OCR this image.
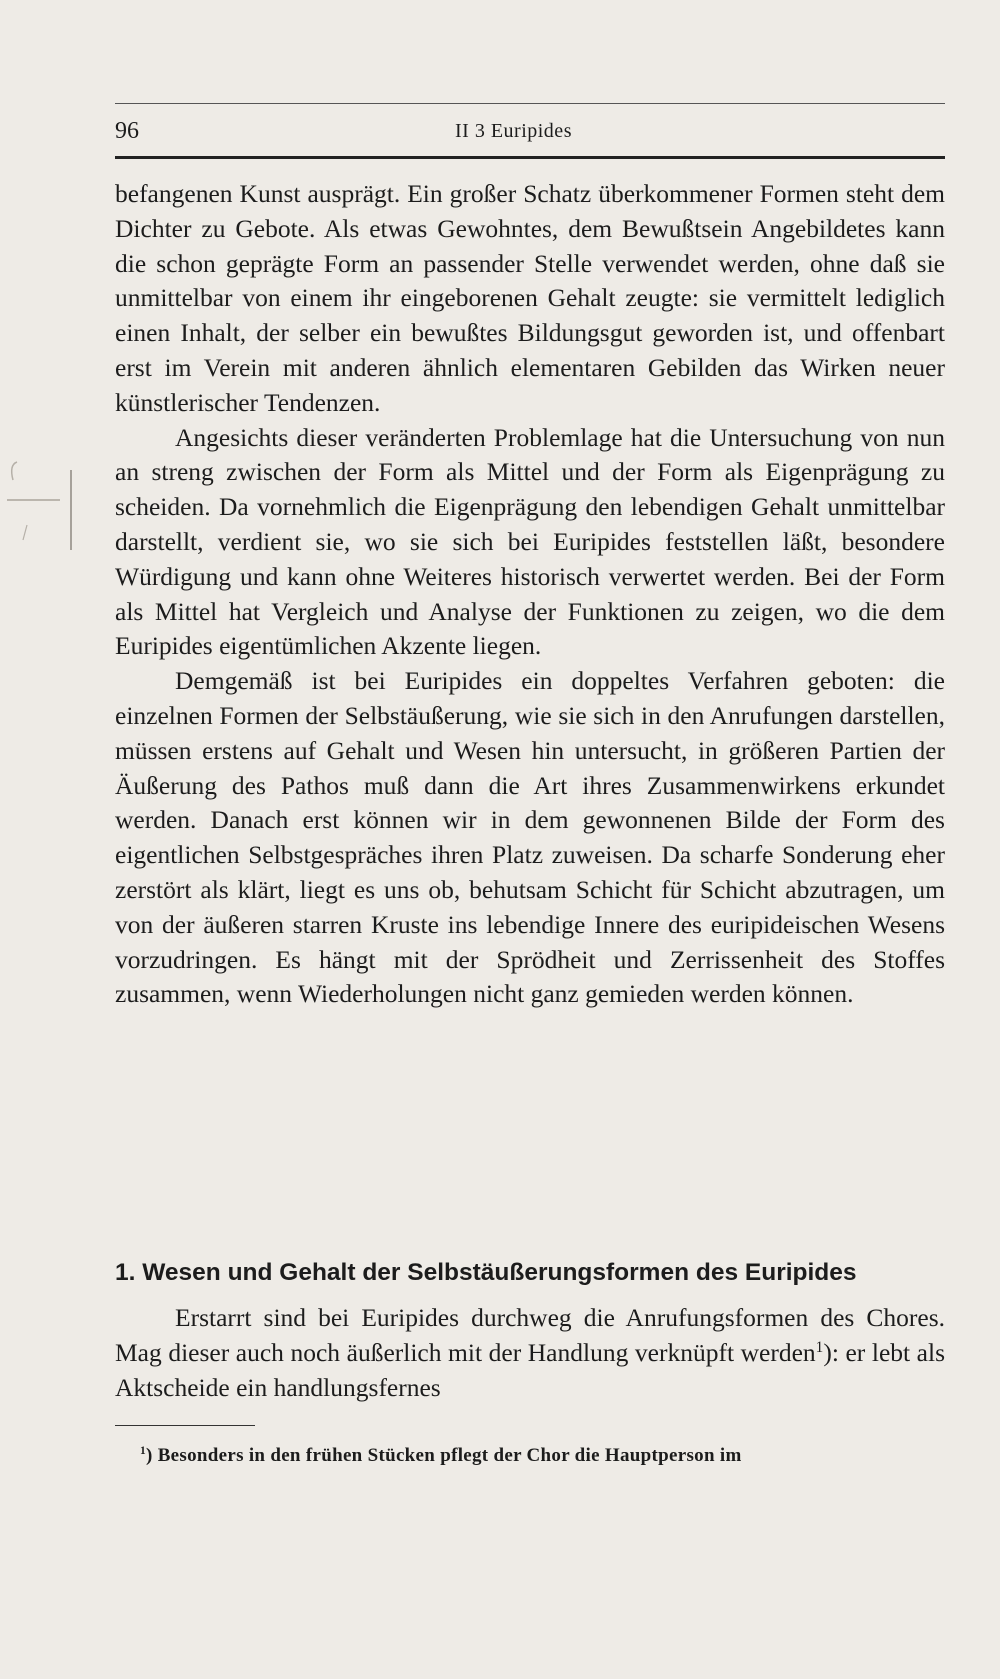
96	II 3 Euripides

befangenen Kunst ausprägt. Ein großer Schatz überkommener Formen steht dem Dichter zu Gebote. Als etwas Gewohntes, dem Bewußtsein Angebildetes kann die schon geprägte Form an passender Stelle verwendet werden, ohne daß sie unmittelbar von einem ihr eingeborenen Gehalt zeugte: sie vermittelt lediglich einen Inhalt, der selber ein bewußtes Bildungsgut geworden ist, und offenbart erst im Verein mit anderen ähnlich elementaren Gebilden das Wirken neuer künstlerischer Tendenzen.

Angesichts dieser veränderten Problemlage hat die Untersuchung von nun an streng zwischen der Form als Mittel und der Form als Eigenprägung zu scheiden. Da vornehmlich die Eigenprägung den lebendigen Gehalt unmittelbar darstellt, verdient sie, wo sie sich bei Euripides feststellen läßt, besondere Würdigung und kann ohne Weiteres historisch verwertet werden. Bei der Form als Mittel hat Vergleich und Analyse der Funktionen zu zeigen, wo die dem Euripides eigentümlichen Akzente liegen.

Demgemäß ist bei Euripides ein doppeltes Verfahren geboten: die einzelnen Formen der Selbstäußerung, wie sie sich in den Anrufungen darstellen, müssen erstens auf Gehalt und Wesen hin untersucht, in größeren Partien der Äußerung des Pathos muß dann die Art ihres Zusammenwirkens erkundet werden. Danach erst können wir in dem gewonnenen Bilde der Form des eigentlichen Selbstgespräches ihren Platz zuweisen. Da scharfe Sonderung eher zerstört als klärt, liegt es uns ob, behutsam Schicht für Schicht abzutragen, um von der äußeren starren Kruste ins lebendige Innere des euripideischen Wesens vorzudringen. Es hängt mit der Sprödheit und Zerrissenheit des Stoffes zusammen, wenn Wiederholungen nicht ganz gemieden werden können.

1. Wesen und Gehalt der Selbstäußerungsformen des Euripides

Erstarrt sind bei Euripides durchweg die Anrufungsformen des Chores. Mag dieser auch noch äußerlich mit der Handlung verknüpft werden$^1$): er lebt als Aktscheide ein handlungsfernes

$^1$) Besonders in den frühen Stücken pflegt der Chor die Hauptperson im
